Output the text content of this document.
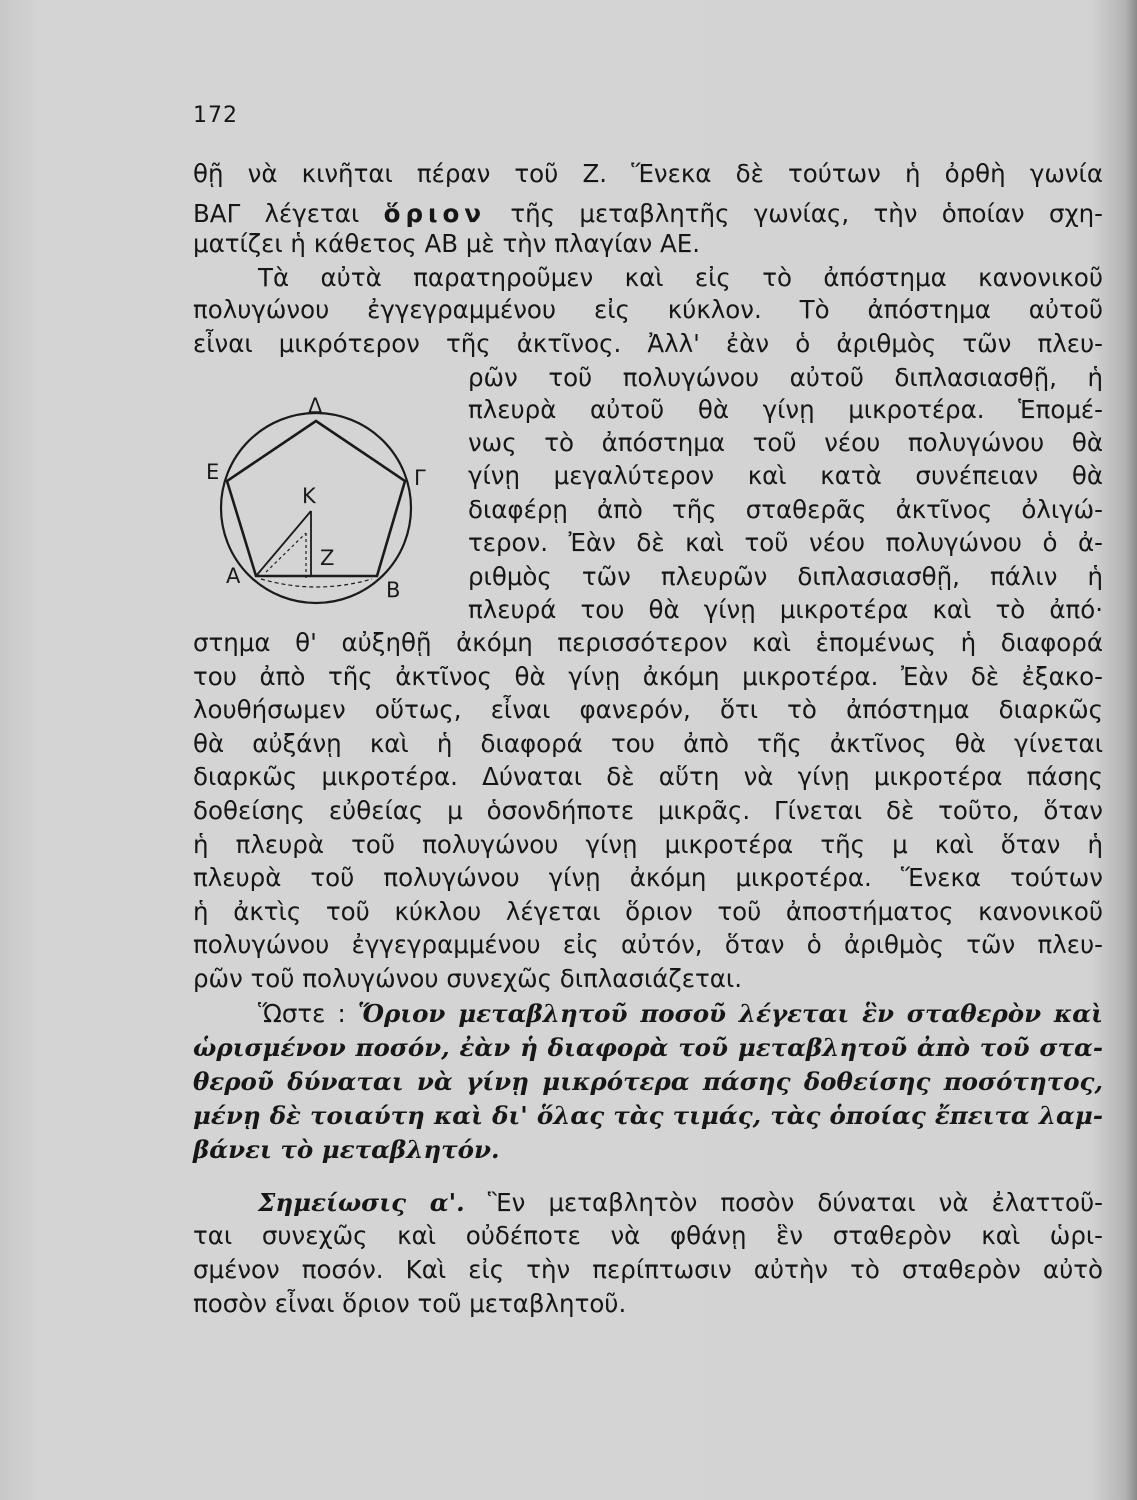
172
θῇ νὰ κινῆται πέραν τοῦ Ζ. Ἕνεκα δὲ τούτων ἡ ὀρθὴ γωνία
ΒΑΓ λέγεται ὅριον τῆς μεταβλητῆς γωνίας, τὴν ὁποίαν σχη-
ματίζει ἡ κάθετος ΑΒ μὲ τὴν πλαγίαν ΑΕ.
Τὰ αὐτὰ παρατηροῦμεν καὶ εἰς τὸ ἀπόστημα κανονικοῦ
πολυγώνου ἐγγεγραμμένου εἰς κύκλον. Τὸ ἀπόστημα αὐτοῦ
εἶναι μικρότερον τῆς ἀκτῖνος. Ἀλλ' ἐὰν ὁ ἀριθμὸς τῶν πλευ-
ρῶν τοῦ πολυγώνου αὐτοῦ διπλασιασθῇ, ἡ
πλευρὰ αὐτοῦ θὰ γίνῃ μικροτέρα. Ἑπομέ-
νως τὸ ἀπόστημα τοῦ νέου πολυγώνου θὰ
γίνῃ μεγαλύτερον καὶ κατὰ συνέπειαν θὰ
διαφέρῃ ἀπὸ τῆς σταθερᾶς ἀκτῖνος ὀλιγώ-
τερον. Ἐὰν δὲ καὶ τοῦ νέου πολυγώνου ὁ ἀ-
ριθμὸς τῶν πλευρῶν διπλασιασθῇ, πάλιν ἡ
πλευρά του θὰ γίνῃ μικροτέρα καὶ τὸ ἀπό·
στημα θ' αὐξηθῇ ἀκόμη περισσότερον καὶ ἑπομένως ἡ διαφορά
του ἀπὸ τῆς ἀκτῖνος θὰ γίνῃ ἀκόμη μικροτέρα. Ἐὰν δὲ ἐξακο-
λουθήσωμεν οὕτως, εἶναι φανερόν, ὅτι τὸ ἀπόστημα διαρκῶς
θὰ αὐξάνῃ καὶ ἡ διαφορά του ἀπὸ τῆς ἀκτῖνος θὰ γίνεται
διαρκῶς μικροτέρα. Δύναται δὲ αὕτη νὰ γίνῃ μικροτέρα πάσης
δοθείσης εὐθείας μ ὁσονδήποτε μικρᾶς. Γίνεται δὲ τοῦτο, ὅταν
ἡ πλευρὰ τοῦ πολυγώνου γίνῃ μικροτέρα τῆς μ καὶ ὅταν ἡ
πλευρὰ τοῦ πολυγώνου γίνῃ ἀκόμη μικροτέρα. Ἕνεκα τούτων
ἡ ἀκτὶς τοῦ κύκλου λέγεται ὅριον τοῦ ἀποστήματος κανονικοῦ
πολυγώνου ἐγγεγραμμένου εἰς αὐτόν, ὅταν ὁ ἀριθμὸς τῶν πλευ-
ρῶν τοῦ πολυγώνου συνεχῶς διπλασιάζεται.
Ὥστε : Ὅριον μεταβλητοῦ ποσοῦ λέγεται ἓν σταθερὸν καὶ
ὡρισμένον ποσόν, ἐὰν ἡ διαφορὰ τοῦ μεταβλητοῦ ἀπὸ τοῦ στα-
θεροῦ δύναται νὰ γίνῃ μικρότερα πάσης δοθείσης ποσότητος,
μένῃ δὲ τοιαύτη καὶ δι' ὅλας τὰς τιμάς, τὰς ὁποίας ἔπειτα λαμ-
βάνει τὸ μεταβλητόν.
Σημείωσις α'. Ἓν μεταβλητὸν ποσὸν δύναται νὰ ἐλαττοῦ-
ται συνεχῶς καὶ οὐδέποτε νὰ φθάνῃ ἓν σταθερὸν καὶ ὡρι-
σμένον ποσόν. Καὶ εἰς τὴν περίπτωσιν αὐτὴν τὸ σταθερὸν αὐτὸ
ποσὸν εἶναι ὅριον τοῦ μεταβλητοῦ.
Δ
Ε	Γ
Κ
Ζ
Α
Β
